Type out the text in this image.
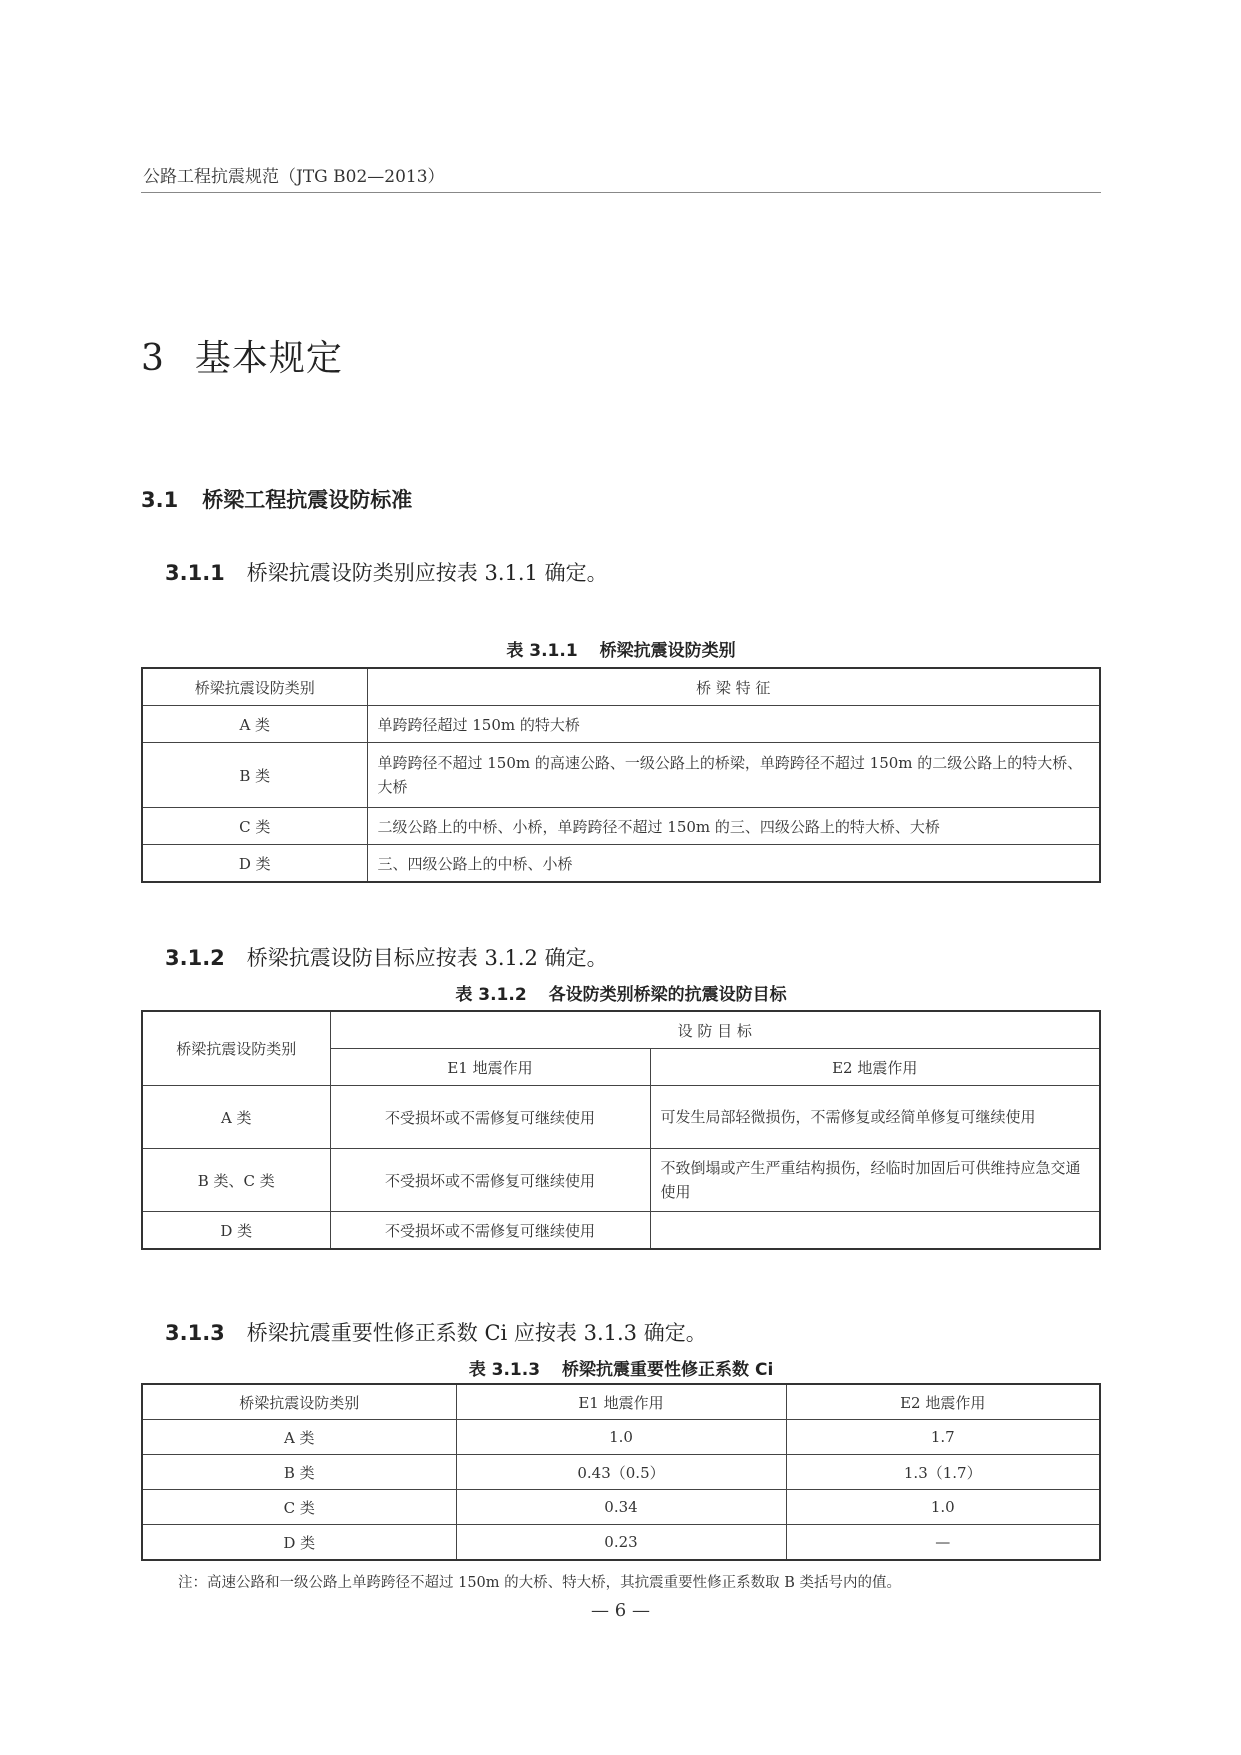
公路工程抗震规范（JTG B02—2013）
3 基本规定
3.1 桥梁工程抗震设防标准
3.1.1 桥梁抗震设防类别应按表 3.1.1 确定。
表 3.1.1 桥梁抗震设防类别
桥梁抗震设防类别	桥 梁 特 征
A 类	单跨跨径超过 150m 的特大桥
B 类	单跨跨径不超过 150m 的高速公路、一级公路上的桥梁，单跨跨径不超过 150m 的二级公路上的特大桥、大桥
C 类	二级公路上的中桥、小桥，单跨跨径不超过 150m 的三、四级公路上的特大桥、大桥
D 类	三、四级公路上的中桥、小桥
3.1.2 桥梁抗震设防目标应按表 3.1.2 确定。
表 3.1.2 各设防类别桥梁的抗震设防目标
桥梁抗震设防类别	设 防 目 标	
	E1 地震作用	E2 地震作用
A 类	不受损坏或不需修复可继续使用	可发生局部轻微损伤，不需修复或经简单修复可继续使用
B 类、C 类	不受损坏或不需修复可继续使用	不致倒塌或产生严重结构损伤，经临时加固后可供维持应急交通使用
D 类	不受损坏或不需修复可继续使用	
3.1.3 桥梁抗震重要性修正系数 Ci 应按表 3.1.3 确定。
表 3.1.3 桥梁抗震重要性修正系数 Ci
桥梁抗震设防类别	E1 地震作用	E2 地震作用
A 类	1.0	1.7
B 类	0.43（0.5）	1.3（1.7）
C 类	0.34	1.0
D 类	0.23	—
注：高速公路和一级公路上单跨跨径不超过 150m 的大桥、特大桥，其抗震重要性修正系数取 B 类括号内的值。
— 6 —
